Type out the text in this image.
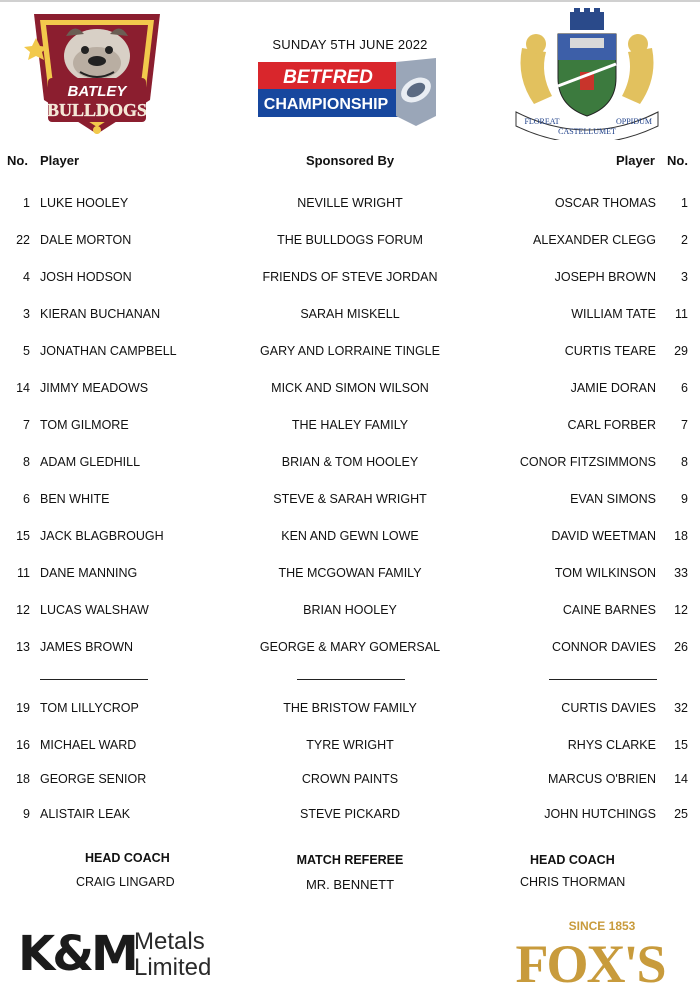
BATLEY
BULLDOGS
SUNDAY 5TH JUNE 2022
BETFRED
CHAMPIONSHIP
FLOREAT
CASTELLUMET
OPPIDUM
No. Player	Sponsored By	Player No.
1 LUKE HOOLEY	NEVILLE WRIGHT	OSCAR THOMAS	1
22 DALE MORTON	THE BULLDOGS FORUM	ALEXANDER CLEGG	2
4 JOSH HODSON	FRIENDS OF STEVE JORDAN	JOSEPH BROWN	3
3 KIERAN BUCHANAN	SARAH MISKELL	WILLIAM TATE	11
5 JONATHAN CAMPBELL	GARY AND LORRAINE TINGLE	CURTIS TEARE	29
14 JIMMY MEADOWS	MICK AND SIMON WILSON	JAMIE DORAN	6
7 TOM GILMORE	THE HALEY FAMILY	CARL FORBER	7
8 ADAM GLEDHILL	BRIAN & TOM HOOLEY	CONOR FITZSIMMONS	8
6 BEN WHITE	STEVE & SARAH WRIGHT	EVAN SIMONS	9
15 JACK BLAGBROUGH	KEN AND GEWN LOWE	DAVID WEETMAN	18
11 DANE MANNING	THE MCGOWAN FAMILY	TOM WILKINSON	33
12 LUCAS WALSHAW	BRIAN HOOLEY	CAINE BARNES	12
13 JAMES BROWN	GEORGE & MARY GOMERSAL	CONNOR DAVIES	26
19 TOM LILLYCROP	THE BRISTOW FAMILY	CURTIS DAVIES	32
16 MICHAEL WARD	TYRE WRIGHT	RHYS CLARKE	15
18 GEORGE SENIOR	CROWN PAINTS	MARCUS O'BRIEN	14
9 ALISTAIR LEAK	STEVE PICKARD	JOHN HUTCHINGS	25
HEAD COACH
CRAIG LINGARD
MATCH REFEREE
MR. BENNETT
HEAD COACH
CHRIS THORMAN
K&M
Metals
Limited
SINCE 1853
FOX'S
